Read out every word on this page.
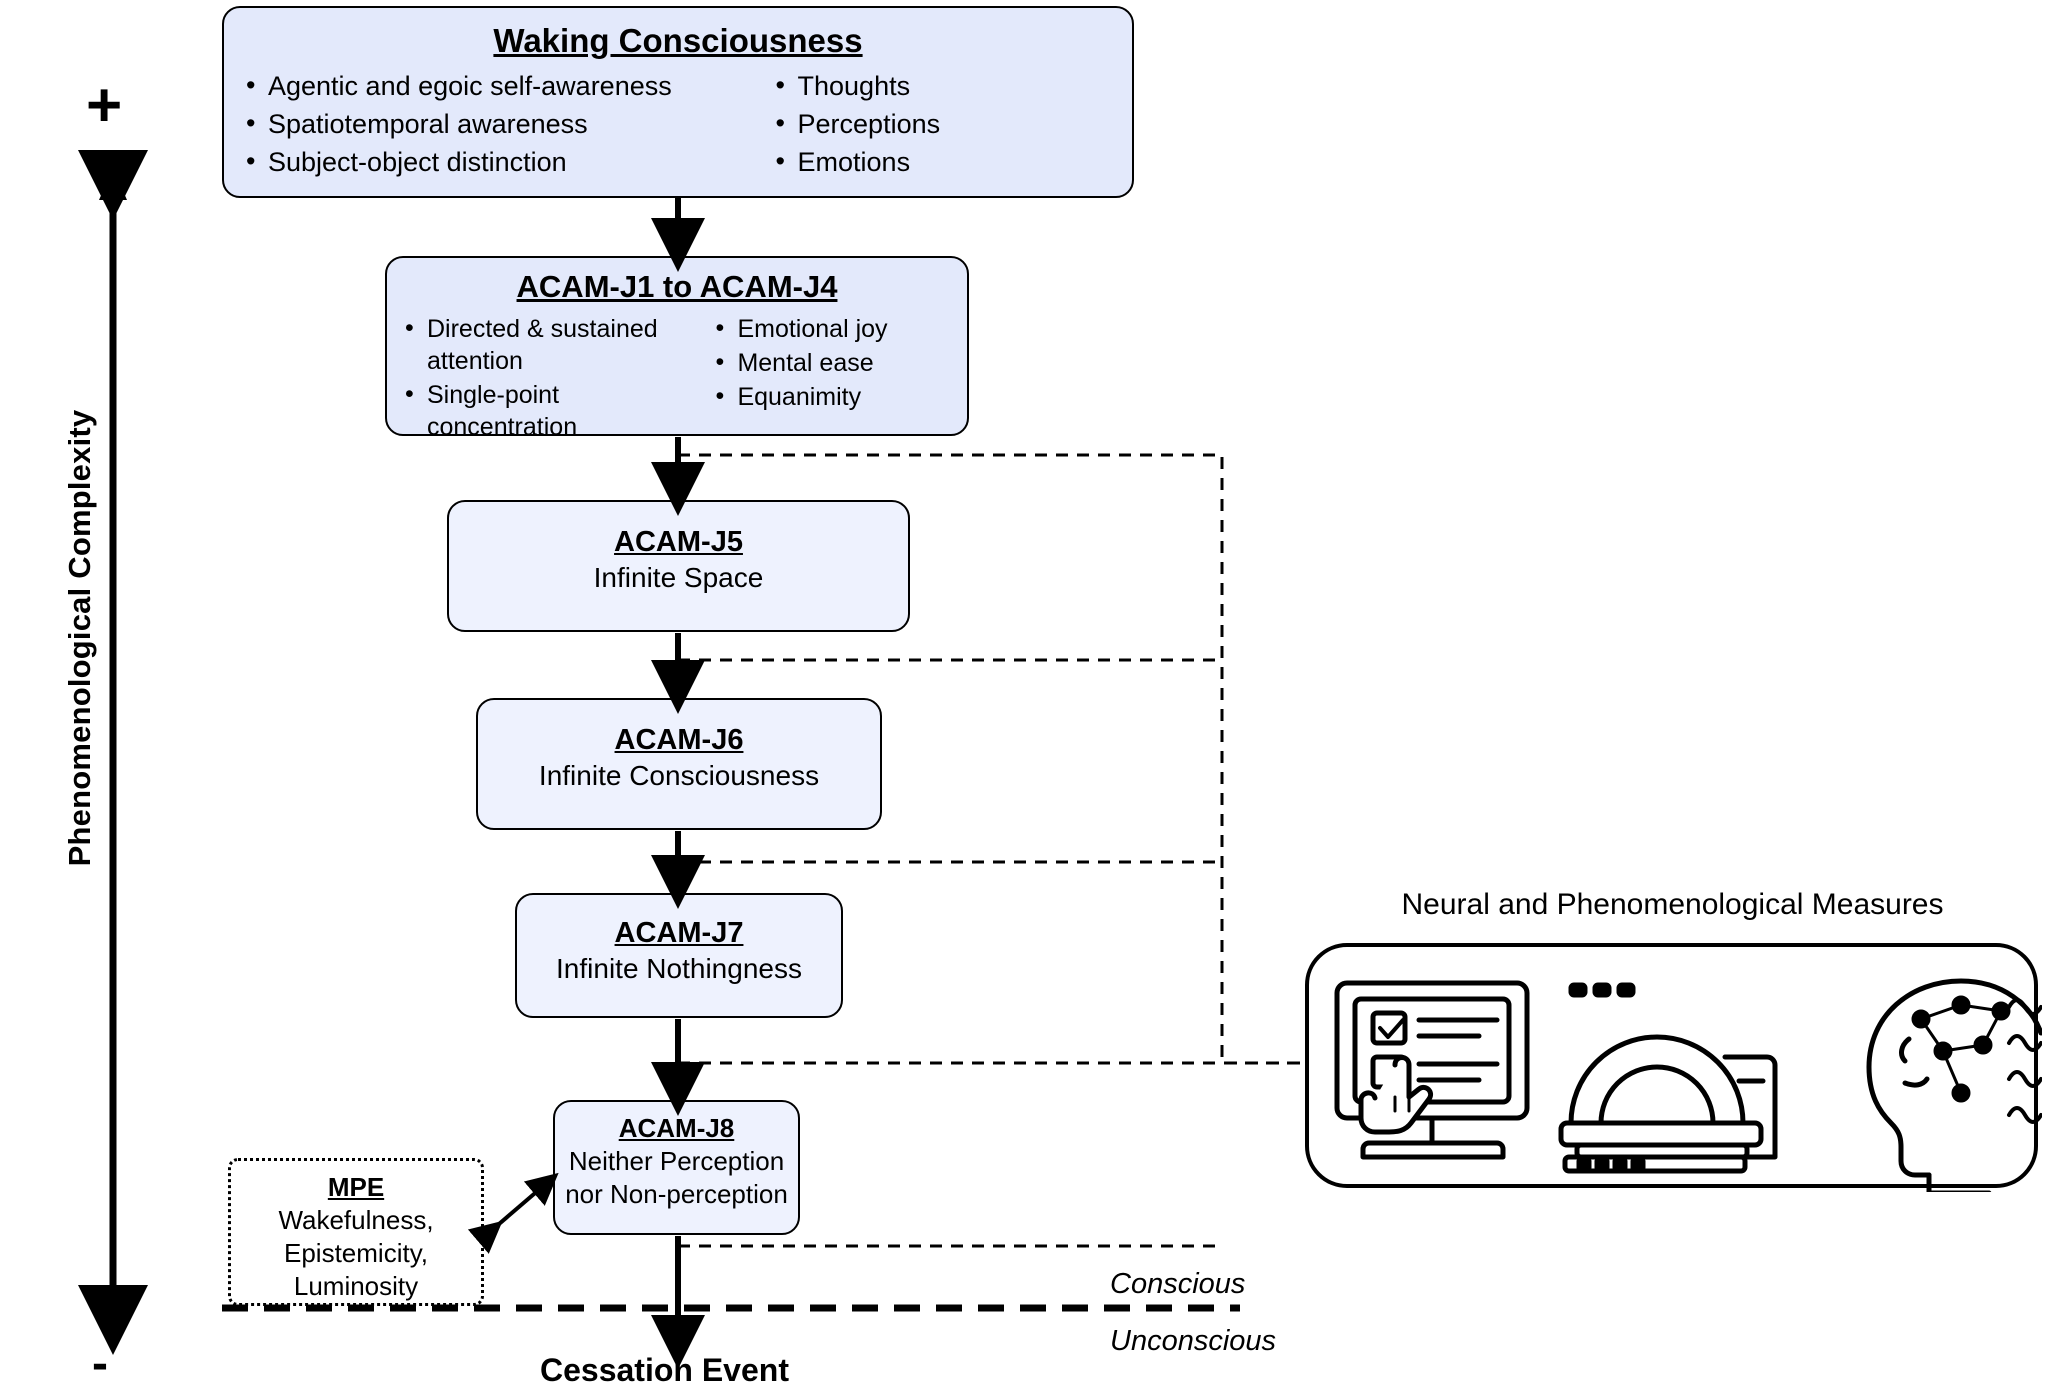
+
-
Phenomenological Complexity
Waking Consciousness
• Agentic and egoic self-awareness
• Spatiotemporal awareness
• Subject-object distinction
• Thoughts
• Perceptions
• Emotions
ACAM-J1 to ACAM-J4
• Directed & sustained attention
• Single-point concentration
• Emotional joy
• Mental ease
• Equanimity
ACAM-J5
Infinite Space
ACAM-J6
Infinite Consciousness
ACAM-J7
Infinite Nothingness
ACAM-J8
Neither Perception nor Non-perception
MPE
Wakefulness, Epistemicity, Luminosity
Neural and Phenomenological Measures
Conscious
Unconscious
Cessation Event
